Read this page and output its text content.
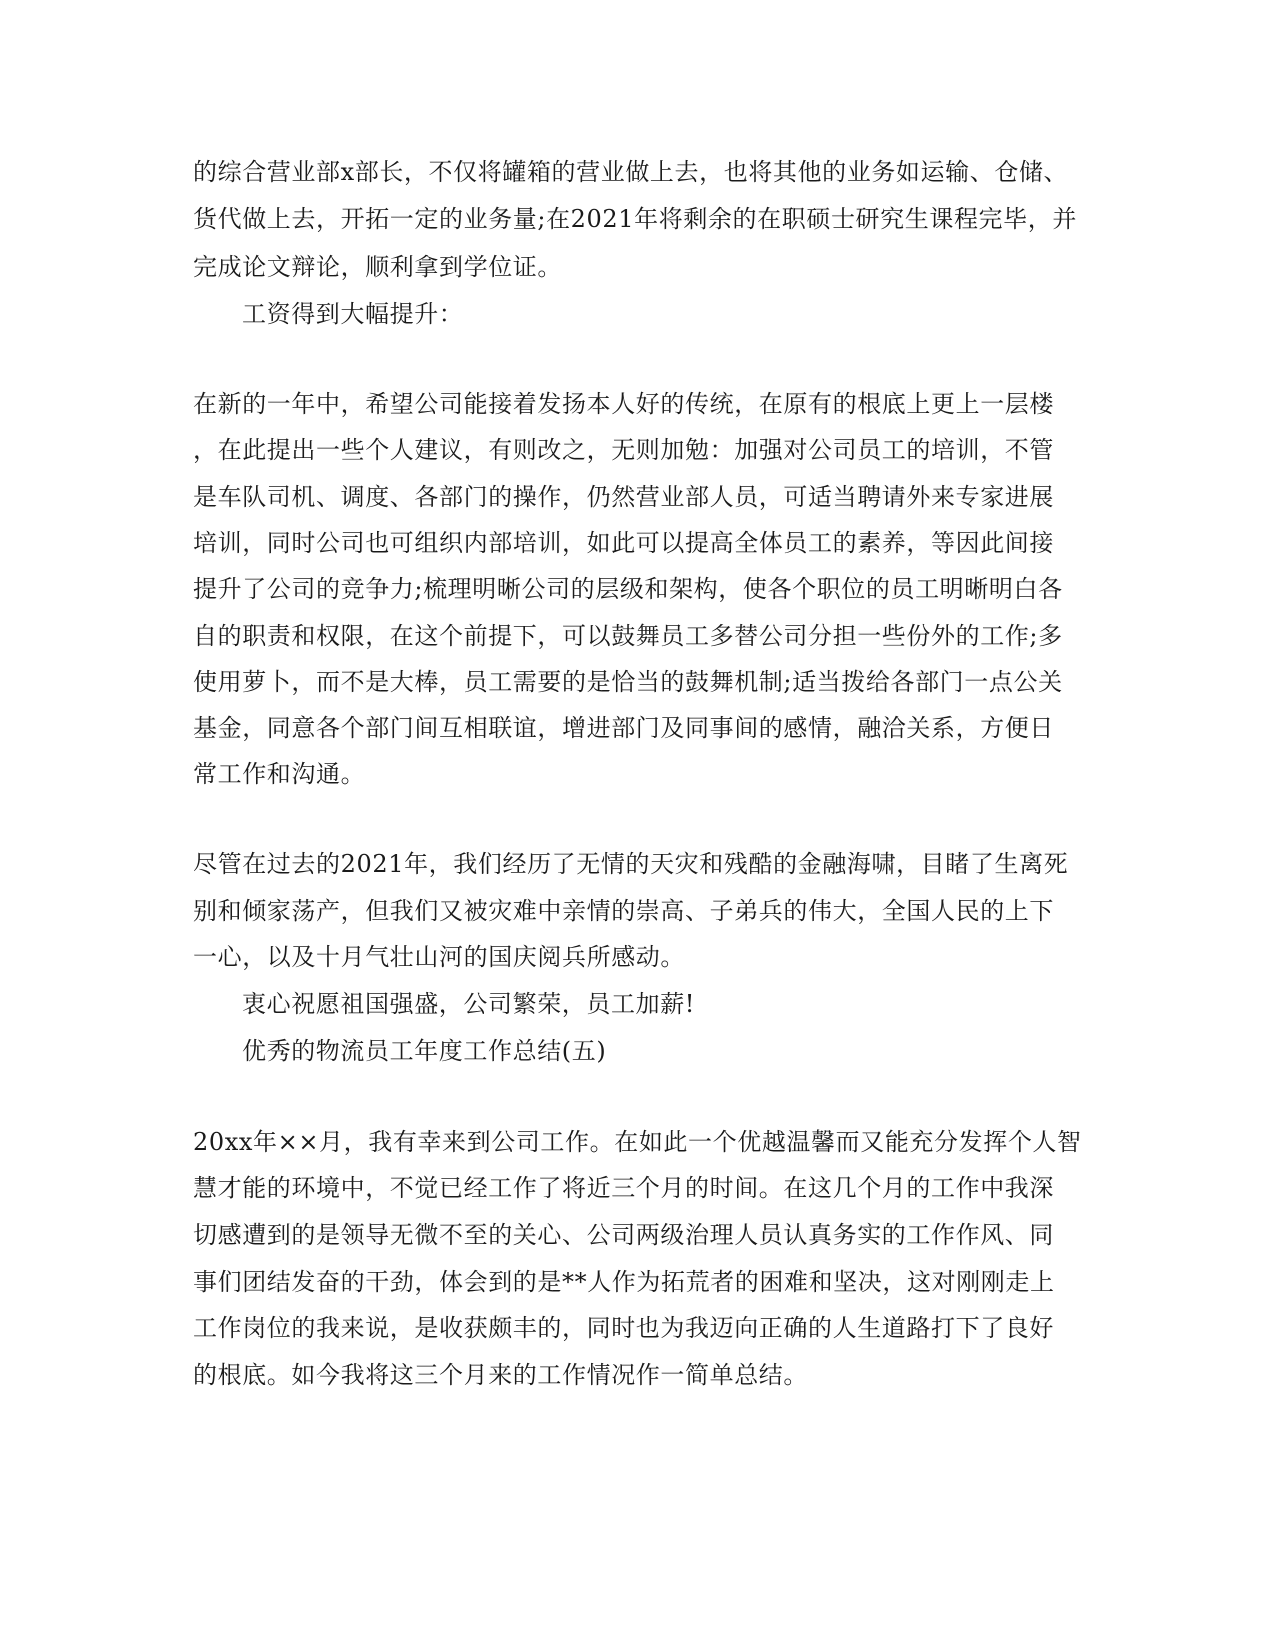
的综合营业部x部长，不仅将罐箱的营业做上去，也将其他的业务如运输、仓储、
货代做上去，开拓一定的业务量;在2021年将剩余的在职硕士研究生课程完毕，并
完成论文辩论，顺利拿到学位证。
工资得到大幅提升：
在新的一年中，希望公司能接着发扬本人好的传统，在原有的根底上更上一层楼
，在此提出一些个人建议，有则改之，无则加勉：加强对公司员工的培训，不管
是车队司机、调度、各部门的操作，仍然营业部人员，可适当聘请外来专家进展
培训，同时公司也可组织内部培训，如此可以提高全体员工的素养，等因此间接
提升了公司的竞争力;梳理明晰公司的层级和架构，使各个职位的员工明晰明白各
自的职责和权限，在这个前提下，可以鼓舞员工多替公司分担一些份外的工作;多
使用萝卜，而不是大棒，员工需要的是恰当的鼓舞机制;适当拨给各部门一点公关
基金，同意各个部门间互相联谊，增进部门及同事间的感情，融洽关系，方便日
常工作和沟通。
尽管在过去的2021年，我们经历了无情的天灾和残酷的金融海啸，目睹了生离死
别和倾家荡产，但我们又被灾难中亲情的崇高、子弟兵的伟大，全国人民的上下
一心，以及十月气壮山河的国庆阅兵所感动。
衷心祝愿祖国强盛，公司繁荣，员工加薪!
优秀的物流员工年度工作总结(五)
20xx年××月，我有幸来到公司工作。在如此一个优越温馨而又能充分发挥个人智
慧才能的环境中，不觉已经工作了将近三个月的时间。在这几个月的工作中我深
切感遭到的是领导无微不至的关心、公司两级治理人员认真务实的工作作风、同
事们团结发奋的干劲，体会到的是**人作为拓荒者的困难和坚决，这对刚刚走上
工作岗位的我来说，是收获颇丰的，同时也为我迈向正确的人生道路打下了良好
的根底。如今我将这三个月来的工作情况作一简单总结。
